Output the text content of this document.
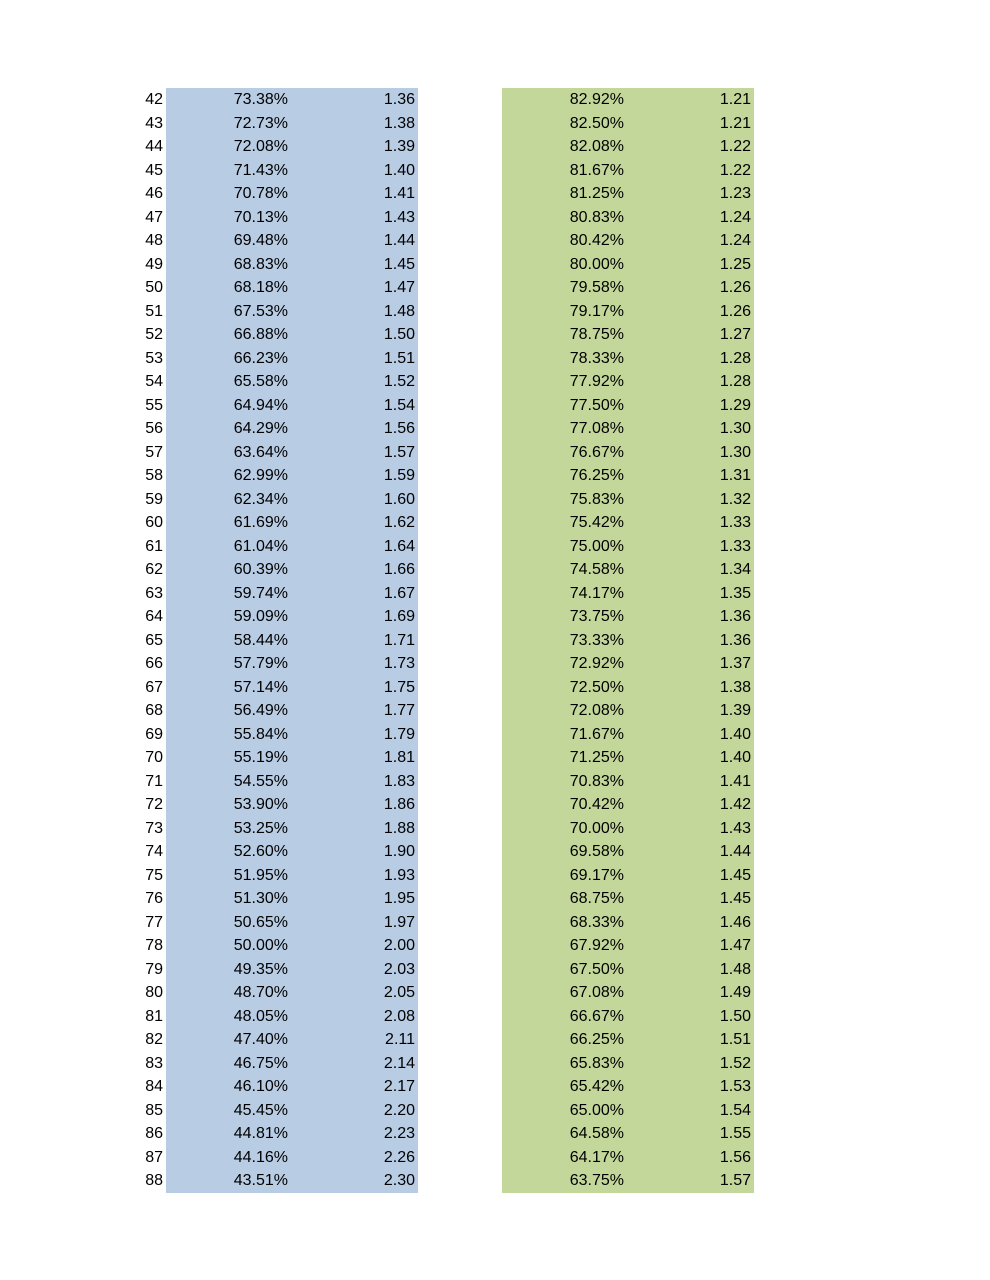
42	73.38%	1.36	82.92%	1.21
43	72.73%	1.38	82.50%	1.21
44	72.08%	1.39	82.08%	1.22
45	71.43%	1.40	81.67%	1.22
46	70.78%	1.41	81.25%	1.23
47	70.13%	1.43	80.83%	1.24
48	69.48%	1.44	80.42%	1.24
49	68.83%	1.45	80.00%	1.25
50	68.18%	1.47	79.58%	1.26
51	67.53%	1.48	79.17%	1.26
52	66.88%	1.50	78.75%	1.27
53	66.23%	1.51	78.33%	1.28
54	65.58%	1.52	77.92%	1.28
55	64.94%	1.54	77.50%	1.29
56	64.29%	1.56	77.08%	1.30
57	63.64%	1.57	76.67%	1.30
58	62.99%	1.59	76.25%	1.31
59	62.34%	1.60	75.83%	1.32
60	61.69%	1.62	75.42%	1.33
61	61.04%	1.64	75.00%	1.33
62	60.39%	1.66	74.58%	1.34
63	59.74%	1.67	74.17%	1.35
64	59.09%	1.69	73.75%	1.36
65	58.44%	1.71	73.33%	1.36
66	57.79%	1.73	72.92%	1.37
67	57.14%	1.75	72.50%	1.38
68	56.49%	1.77	72.08%	1.39
69	55.84%	1.79	71.67%	1.40
70	55.19%	1.81	71.25%	1.40
71	54.55%	1.83	70.83%	1.41
72	53.90%	1.86	70.42%	1.42
73	53.25%	1.88	70.00%	1.43
74	52.60%	1.90	69.58%	1.44
75	51.95%	1.93	69.17%	1.45
76	51.30%	1.95	68.75%	1.45
77	50.65%	1.97	68.33%	1.46
78	50.00%	2.00	67.92%	1.47
79	49.35%	2.03	67.50%	1.48
80	48.70%	2.05	67.08%	1.49
81	48.05%	2.08	66.67%	1.50
82	47.40%	2.11	66.25%	1.51
83	46.75%	2.14	65.83%	1.52
84	46.10%	2.17	65.42%	1.53
85	45.45%	2.20	65.00%	1.54
86	44.81%	2.23	64.58%	1.55
87	44.16%	2.26	64.17%	1.56
88	43.51%	2.30	63.75%	1.57
